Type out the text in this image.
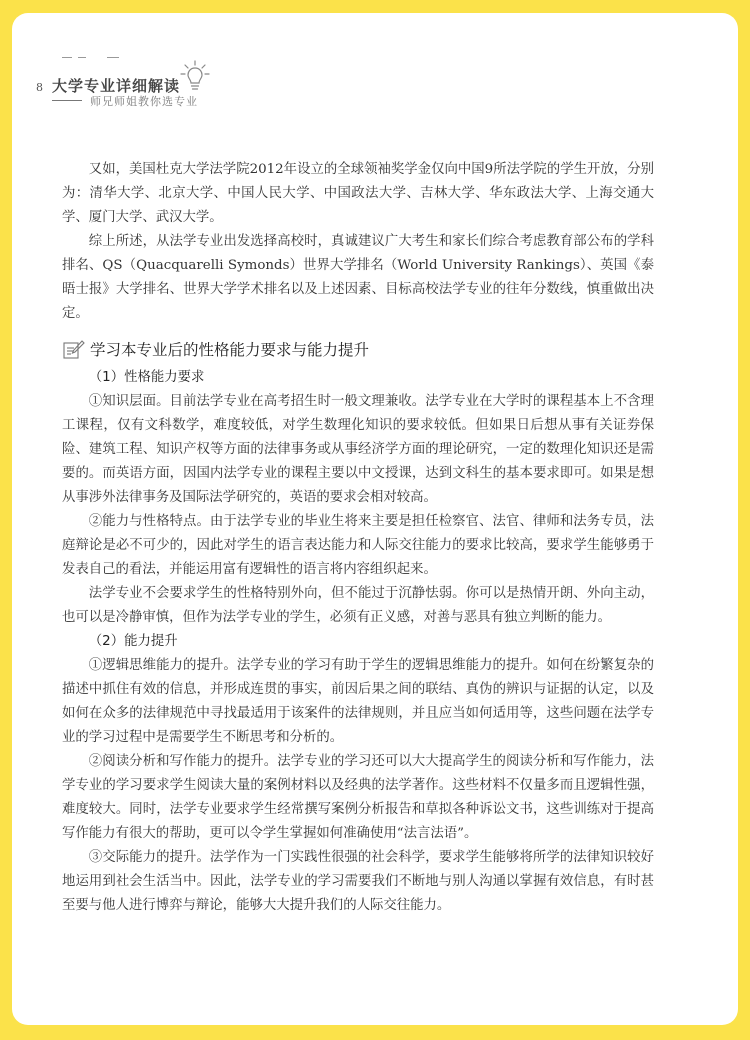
8 大学专业详细解读
师兄师姐教你选专业

又如，美国杜克大学法学院2012年设立的全球领袖奖学金仅向中国9所法学院的学生开放，分别为：清华大学、北京大学、中国人民大学、中国政法大学、吉林大学、华东政法大学、上海交通大学、厦门大学、武汉大学。

综上所述，从法学专业出发选择高校时，真诚建议广大考生和家长们综合考虑教育部公布的学科排名、QS（Quacquarelli Symonds）世界大学排名（World University Rankings）、英国《泰晤士报》大学排名、世界大学学术排名以及上述因素、目标高校法学专业的往年分数线，慎重做出决定。

学习本专业后的性格能力要求与能力提升
（1）性格能力要求

①知识层面。目前法学专业在高考招生时一般文理兼收。法学专业在大学时的课程基本上不含理工课程，仅有文科数学，难度较低，对学生数理化知识的要求较低。但如果日后想从事有关证券保险、建筑工程、知识产权等方面的法律事务或从事经济学方面的理论研究，一定的数理化知识还是需要的。而英语方面，因国内法学专业的课程主要以中文授课，达到文科生的基本要求即可。如果是想从事涉外法律事务及国际法学研究的，英语的要求会相对较高。

②能力与性格特点。由于法学专业的毕业生将来主要是担任检察官、法官、律师和法务专员，法庭辩论是必不可少的，因此对学生的语言表达能力和人际交往能力的要求比较高，要求学生能够勇于发表自己的看法，并能运用富有逻辑性的语言将内容组织起来。

法学专业不会要求学生的性格特别外向，但不能过于沉静怯弱。你可以是热情开朗、外向主动，也可以是冷静审慎，但作为法学专业的学生，必须有正义感，对善与恶具有独立判断的能力。

（2）能力提升

①逻辑思维能力的提升。法学专业的学习有助于学生的逻辑思维能力的提升。如何在纷繁复杂的描述中抓住有效的信息，并形成连贯的事实，前因后果之间的联结、真伪的辨识与证据的认定，以及如何在众多的法律规范中寻找最适用于该案件的法律规则，并且应当如何适用等，这些问题在法学专业的学习过程中是需要学生不断思考和分析的。

②阅读分析和写作能力的提升。法学专业的学习还可以大大提高学生的阅读分析和写作能力，法学专业的学习要求学生阅读大量的案例材料以及经典的法学著作。这些材料不仅量多而且逻辑性强，难度较大。同时，法学专业要求学生经常撰写案例分析报告和草拟各种诉讼文书，这些训练对于提高写作能力有很大的帮助，更可以令学生掌握如何准确使用“法言法语”。

③交际能力的提升。法学作为一门实践性很强的社会科学，要求学生能够将所学的法律知识较好地运用到社会生活当中。因此，法学专业的学习需要我们不断地与别人沟通以掌握有效信息，有时甚至要与他人进行博弈与辩论，能够大大提升我们的人际交往能力。
